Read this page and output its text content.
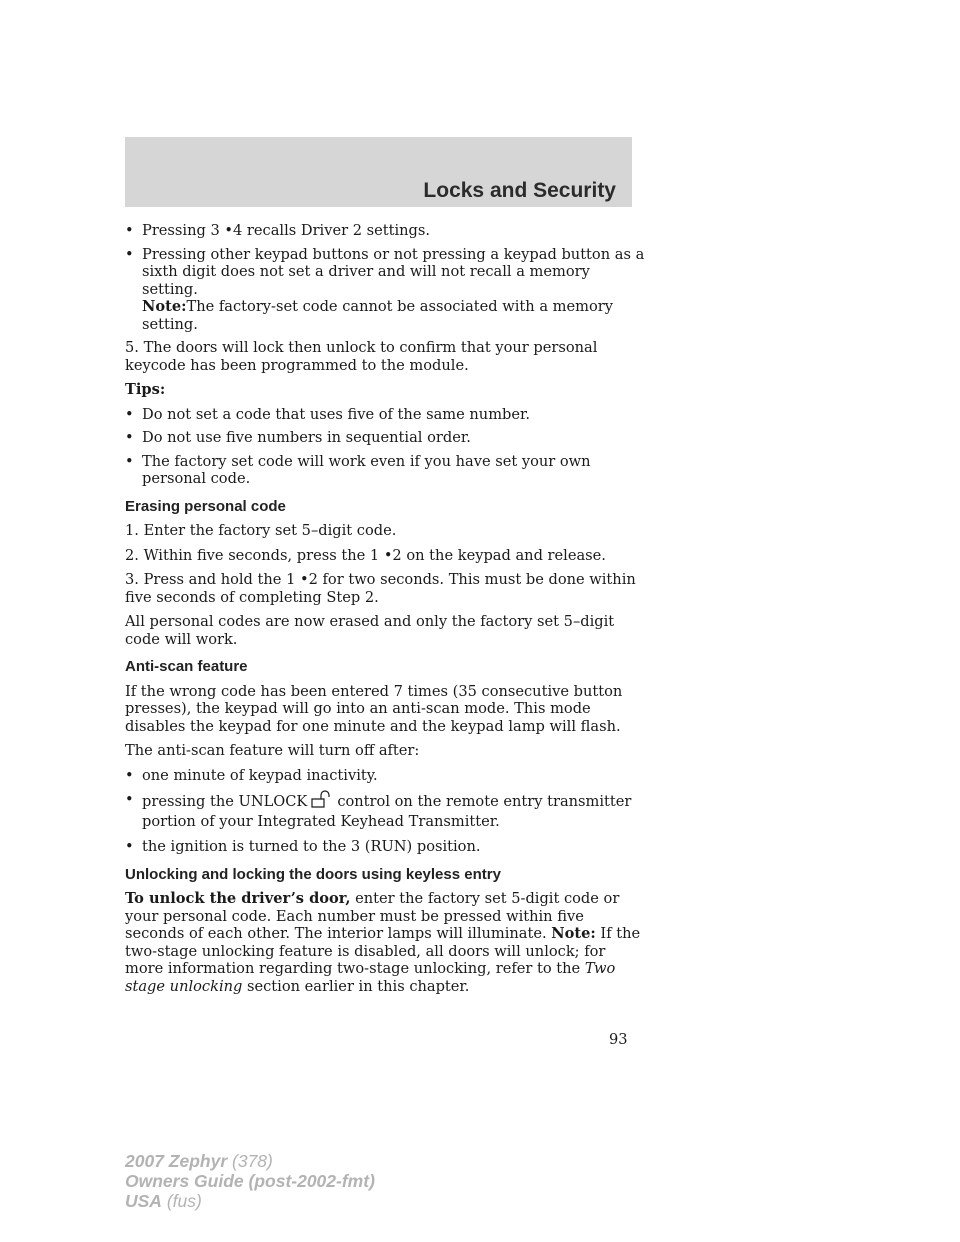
Locks and Security
• Pressing 3 •4 recalls Driver 2 settings.
• Pressing other keypad buttons or not pressing a keypad button as a sixth digit does not set a driver and will not recall a memory setting.
Note:The factory-set code cannot be associated with a memory setting.

5. The doors will lock then unlock to confirm that your personal keycode has been programmed to the module.

Tips:

• Do not set a code that uses five of the same number.
• Do not use five numbers in sequential order.
• The factory set code will work even if you have set your own personal code.
Erasing personal code

1. Enter the factory set 5–digit code.

2. Within five seconds, press the 1 •2 on the keypad and release.

3. Press and hold the 1 •2 for two seconds. This must be done within five seconds of completing Step 2.

All personal codes are now erased and only the factory set 5–digit code will work.

Anti-scan feature

If the wrong code has been entered 7 times (35 consecutive button presses), the keypad will go into an anti-scan mode. This mode disables the keypad for one minute and the keypad lamp will flash.

The anti-scan feature will turn off after:

• one minute of keypad inactivity.
• pressing the UNLOCK control on the remote entry transmitter portion of your Integrated Keyhead Transmitter.
• the ignition is turned to the 3 (RUN) position.
Unlocking and locking the doors using keyless entry

To unlock the driver’s door, enter the factory set 5-digit code or your personal code. Each number must be pressed within five seconds of each other. The interior lamps will illuminate. Note: If the two-stage unlocking feature is disabled, all doors will unlock; for more information regarding two-stage unlocking, refer to the Two stage unlocking section earlier in this chapter.

93
2007 Zephyr (378)
Owners Guide (post-2002-fmt)
USA (fus)
